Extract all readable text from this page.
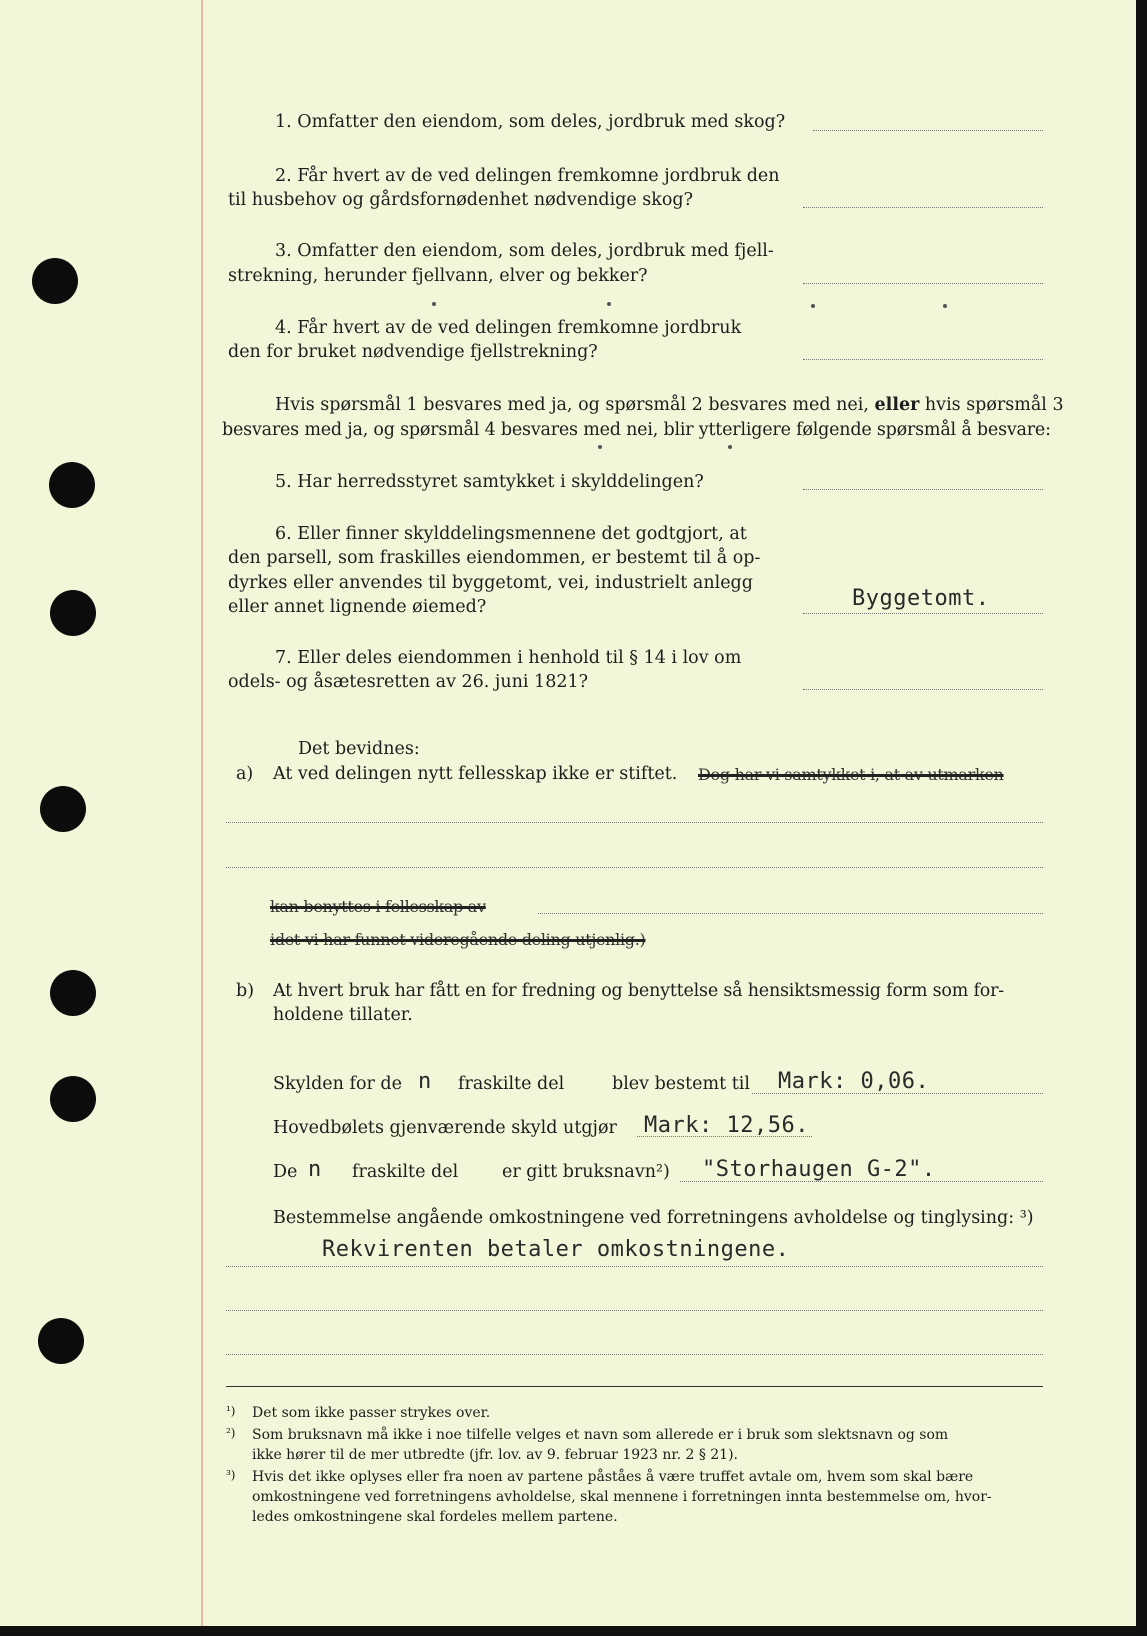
1. Omfatter den eiendom, som deles, jordbruk med skog?
2. Får hvert av de ved delingen fremkomne jordbruk den
til husbehov og gårdsfornødenhet nødvendige skog?
3. Omfatter den eiendom, som deles, jordbruk med fjell-
strekning, herunder fjellvann, elver og bekker?
4. Får hvert av de ved delingen fremkomne jordbruk
den for bruket nødvendige fjellstrekning?
Hvis spørsmål 1 besvares med ja, og spørsmål 2 besvares med nei, eller hvis spørsmål 3
besvares med ja, og spørsmål 4 besvares med nei, blir ytterligere følgende spørsmål å besvare:
5. Har herredsstyret samtykket i skylddelingen?
6. Eller finner skylddelingsmennene det godtgjort, at
den parsell, som fraskilles eiendommen, er bestemt til å op-
dyrkes eller anvendes til byggetomt, vei, industrielt anlegg
eller annet lignende øiemed?	Byggetomt.
7. Eller deles eiendommen i henhold til § 14 i lov om
odels- og åsætesretten av 26. juni 1821?
Det bevidnes:
a) At ved delingen nytt fellesskap ikke er stiftet. Dog har vi samtykket i, at av utmarken
kan benyttes i fellesskap av
idet vi har funnet videregående deling utjenlig.)
b) At hvert bruk har fått en for fredning og benyttelse så hensiktsmessig form som for-
holdene tillater.
Skylden for de n fraskilte del	blev bestemt til Mark: 0,06.
Hovedbølets gjenværende skyld utgjør Mark: 12,56.
De n fraskilte del	er gitt bruksnavn²) "Storhaugen G-2".
Bestemmelse angående omkostningene ved forretningens avholdelse og tinglysing: ³)
Rekvirenten betaler omkostningene.
¹) Det som ikke passer strykes over.
²) Som bruksnavn må ikke i noe tilfelle velges et navn som allerede er i bruk som slektsnavn og som
ikke hører til de mer utbredte (jfr. lov. av 9. februar 1923 nr. 2 § 21).
³) Hvis det ikke oplyses eller fra noen av partene påståes å være truffet avtale om, hvem som skal bære
omkostningene ved forretningens avholdelse, skal mennene i forretningen innta bestemmelse om, hvor-
ledes omkostningene skal fordeles mellem partene.
